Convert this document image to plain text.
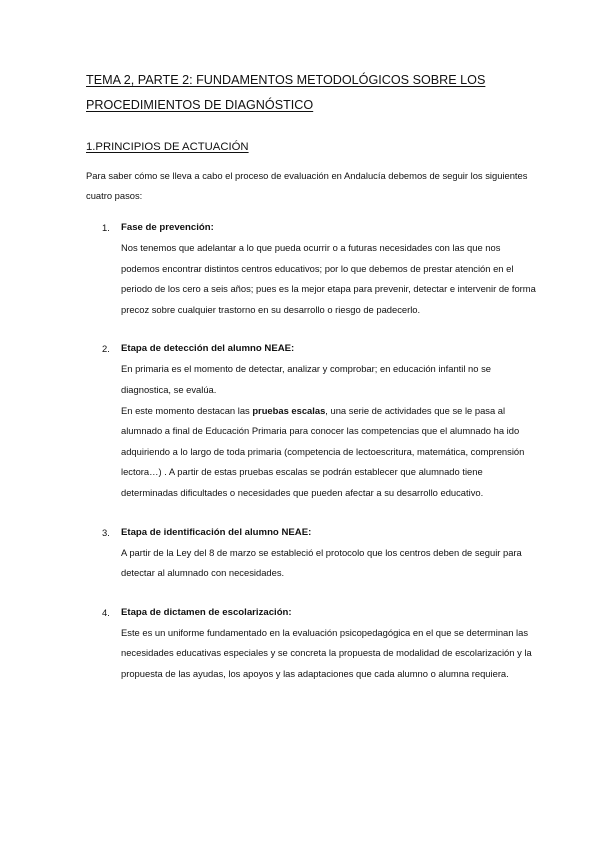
TEMA 2, PARTE 2: FUNDAMENTOS METODOLÓGICOS SOBRE LOS
PROCEDIMIENTOS DE DIAGNÓSTICO
1.PRINCIPIOS DE ACTUACIÓN

Para saber cómo se lleva a cabo el proceso de evaluación en Andalucía debemos de seguir los siguientes cuatro pasos:

1. Fase de prevención:

Nos tenemos que adelantar a lo que pueda ocurrir o a futuras necesidades con las que nos podemos encontrar distintos centros educativos; por lo que debemos de prestar atención en el periodo de los cero a seis años; pues es la mejor etapa para prevenir, detectar e intervenir de forma precoz sobre cualquier trastorno en su desarrollo o riesgo de padecerlo.

2. Etapa de detección del alumno NEAE:

En primaria es el momento de detectar, analizar y comprobar; en educación infantil no se diagnostica, se evalúa.

En este momento destacan las pruebas escalas, una serie de actividades que se le pasa al alumnado a final de Educación Primaria para conocer las competencias que el alumnado ha ido adquiriendo a lo largo de toda primaria (competencia de lectoescritura, matemática, comprensión lectora…) . A partir de estas pruebas escalas se podrán establecer que alumnado tiene determinadas dificultades o necesidades que pueden afectar a su desarrollo educativo.

3. Etapa de identificación del alumno NEAE:

A partir de la Ley del 8 de marzo se estableció el protocolo que los centros deben de seguir para detectar al alumnado con necesidades.

4. Etapa de dictamen de escolarización:

Este es un uniforme fundamentado en la evaluación psicopedagógica en el que se determinan las necesidades educativas especiales y se concreta la propuesta de modalidad de escolarización y la propuesta de las ayudas, los apoyos y las adaptaciones que cada alumno o alumna requiera.
